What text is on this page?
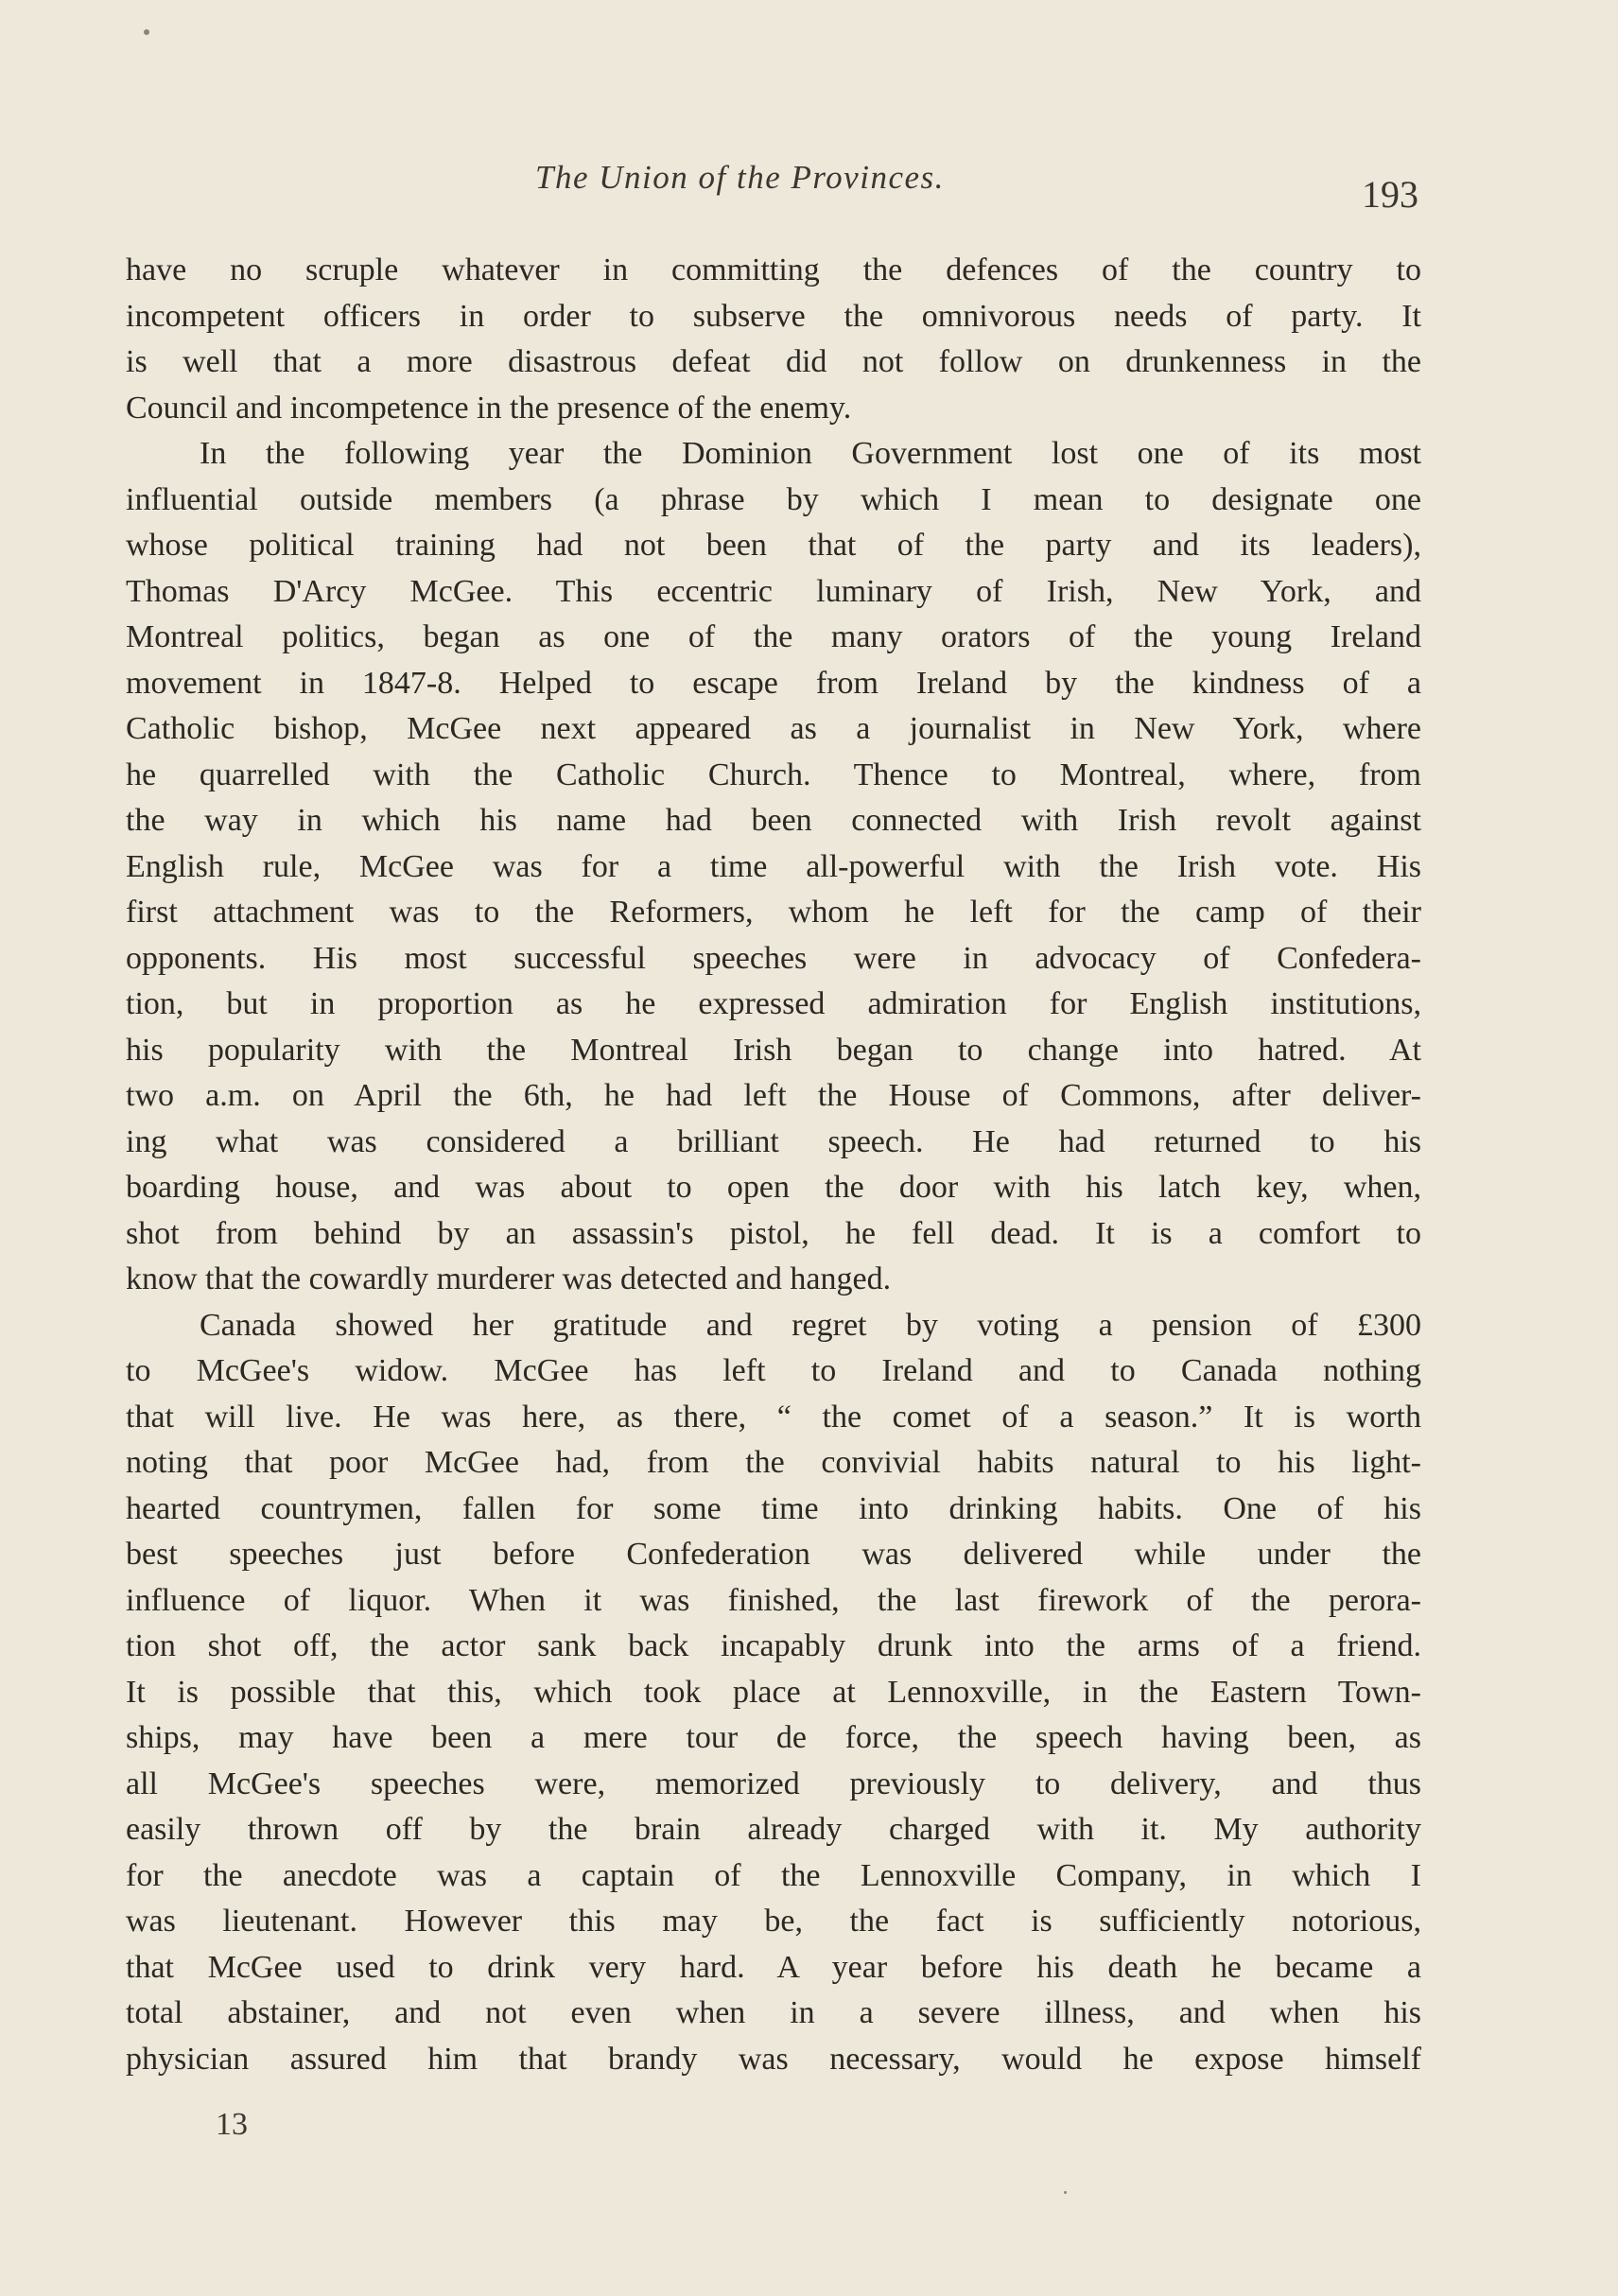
The Union of the Provinces.	193
have no scruple whatever in committing the defences of the country to
incompetent officers in order to subserve the omnivorous needs of party. It
is well that a more disastrous defeat did not follow on drunkenness in the
Council and incompetence in the presence of the enemy.
In the following year the Dominion Government lost one of its most
influential outside members (a phrase by which I mean to designate one
whose political training had not been that of the party and its leaders),
Thomas D'Arcy McGee. This eccentric luminary of Irish, New York, and
Montreal politics, began as one of the many orators of the young Ireland
movement in 1847-8. Helped to escape from Ireland by the kindness of a
Catholic bishop, McGee next appeared as a journalist in New York, where
he quarrelled with the Catholic Church. Thence to Montreal, where, from
the way in which his name had been connected with Irish revolt against
English rule, McGee was for a time all-powerful with the Irish vote. His
first attachment was to the Reformers, whom he left for the camp of their
opponents. His most successful speeches were in advocacy of Confedera-
tion, but in proportion as he expressed admiration for English institutions,
his popularity with the Montreal Irish began to change into hatred. At
two a.m. on April the 6th, he had left the House of Commons, after deliver-
ing what was considered a brilliant speech. He had returned to his
boarding house, and was about to open the door with his latch key, when,
shot from behind by an assassin's pistol, he fell dead. It is a comfort to
know that the cowardly murderer was detected and hanged.
Canada showed her gratitude and regret by voting a pension of £300
to McGee's widow. McGee has left to Ireland and to Canada nothing
that will live. He was here, as there, “ the comet of a season.” It is worth
noting that poor McGee had, from the convivial habits natural to his light-
hearted countrymen, fallen for some time into drinking habits. One of his
best speeches just before Confederation was delivered while under the
influence of liquor. When it was finished, the last firework of the perora-
tion shot off, the actor sank back incapably drunk into the arms of a friend.
It is possible that this, which took place at Lennoxville, in the Eastern Town-
ships, may have been a mere tour de force, the speech having been, as
all McGee's speeches were, memorized previously to delivery, and thus
easily thrown off by the brain already charged with it. My authority
for the anecdote was a captain of the Lennoxville Company, in which I
was lieutenant. However this may be, the fact is sufficiently notorious,
that McGee used to drink very hard. A year before his death he became a
total abstainer, and not even when in a severe illness, and when his
physician assured him that brandy was necessary, would he expose himself
13
